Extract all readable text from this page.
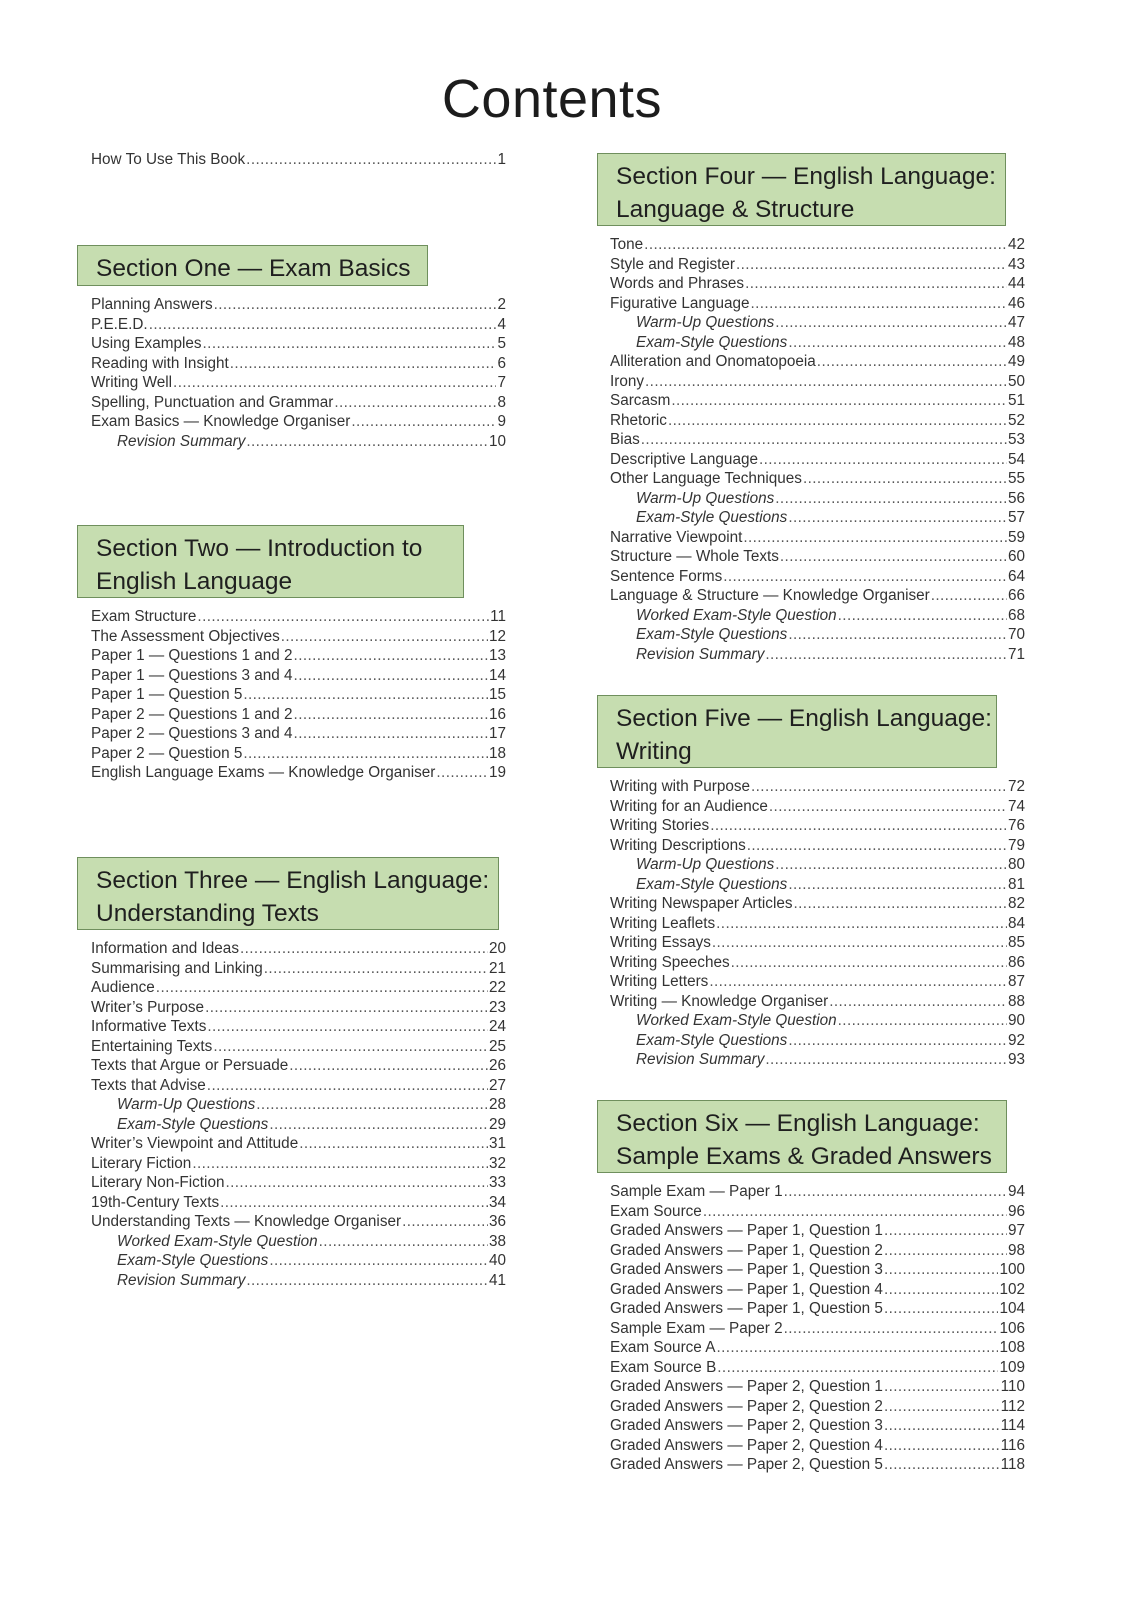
Contents
How To Use This Book .....	1
Section One — Exam Basics
Planning Answers .....	2
P.E.E.D. .....	4
Using Examples .....	5
Reading with Insight .....	6
Writing Well .....	7
Spelling, Punctuation and Grammar .....	8
Exam Basics — Knowledge Organiser .....	9
Revision Summary .....	10
Section Two — Introduction to
English Language
Exam Structure .....	11
The Assessment Objectives .....	12
Paper 1 — Questions 1 and 2 .....	13
Paper 1 — Questions 3 and 4 .....	14
Paper 1 — Question 5 .....	15
Paper 2 — Questions 1 and 2 .....	16
Paper 2 — Questions 3 and 4 .....	17
Paper 2 — Question 5 .....	18
English Language Exams — Knowledge Organiser .....	19
Section Three — English Language:
Understanding Texts
Information and Ideas .....	20
Summarising and Linking .....	21
Audience .....	22
Writer’s Purpose .....	23
Informative Texts .....	24
Entertaining Texts .....	25
Texts that Argue or Persuade .....	26
Texts that Advise .....	27
Warm-Up Questions .....	28
Exam-Style Questions .....	29
Writer’s Viewpoint and Attitude .....	31
Literary Fiction .....	32
Literary Non-Fiction .....	33
19th-Century Texts .....	34
Understanding Texts — Knowledge Organiser .....	36
Worked Exam-Style Question .....	38
Exam-Style Questions .....	40
Revision Summary .....	41
Section Four — English Language:
Language & Structure
Tone .....	42
Style and Register .....	43
Words and Phrases .....	44
Figurative Language .....	46
Warm-Up Questions .....	47
Exam-Style Questions .....	48
Alliteration and Onomatopoeia .....	49
Irony .....	50
Sarcasm .....	51
Rhetoric .....	52
Bias .....	53
Descriptive Language .....	54
Other Language Techniques .....	55
Warm-Up Questions .....	56
Exam-Style Questions .....	57
Narrative Viewpoint .....	59
Structure — Whole Texts .....	60
Sentence Forms .....	64
Language & Structure — Knowledge Organiser .....	66
Worked Exam-Style Question .....	68
Exam-Style Questions .....	70
Revision Summary .....	71
Section Five — English Language:
Writing
Writing with Purpose .....	72
Writing for an Audience .....	74
Writing Stories .....	76
Writing Descriptions .....	79
Warm-Up Questions .....	80
Exam-Style Questions .....	81
Writing Newspaper Articles .....	82
Writing Leaflets .....	84
Writing Essays .....	85
Writing Speeches .....	86
Writing Letters .....	87
Writing — Knowledge Organiser .....	88
Worked Exam-Style Question .....	90
Exam-Style Questions .....	92
Revision Summary .....	93
Section Six — English Language:
Sample Exams & Graded Answers
Sample Exam — Paper 1 .....	94
Exam Source .....	96
Graded Answers — Paper 1, Question 1 .....	97
Graded Answers — Paper 1, Question 2 .....	98
Graded Answers — Paper 1, Question 3 .....	100
Graded Answers — Paper 1, Question 4 .....	102
Graded Answers — Paper 1, Question 5 .....	104
Sample Exam — Paper 2 .....	106
Exam Source A .....	108
Exam Source B .....	109
Graded Answers — Paper 2, Question 1 .....	110
Graded Answers — Paper 2, Question 2 .....	112
Graded Answers — Paper 2, Question 3 .....	114
Graded Answers — Paper 2, Question 4 .....	116
Graded Answers — Paper 2, Question 5 .....	118
